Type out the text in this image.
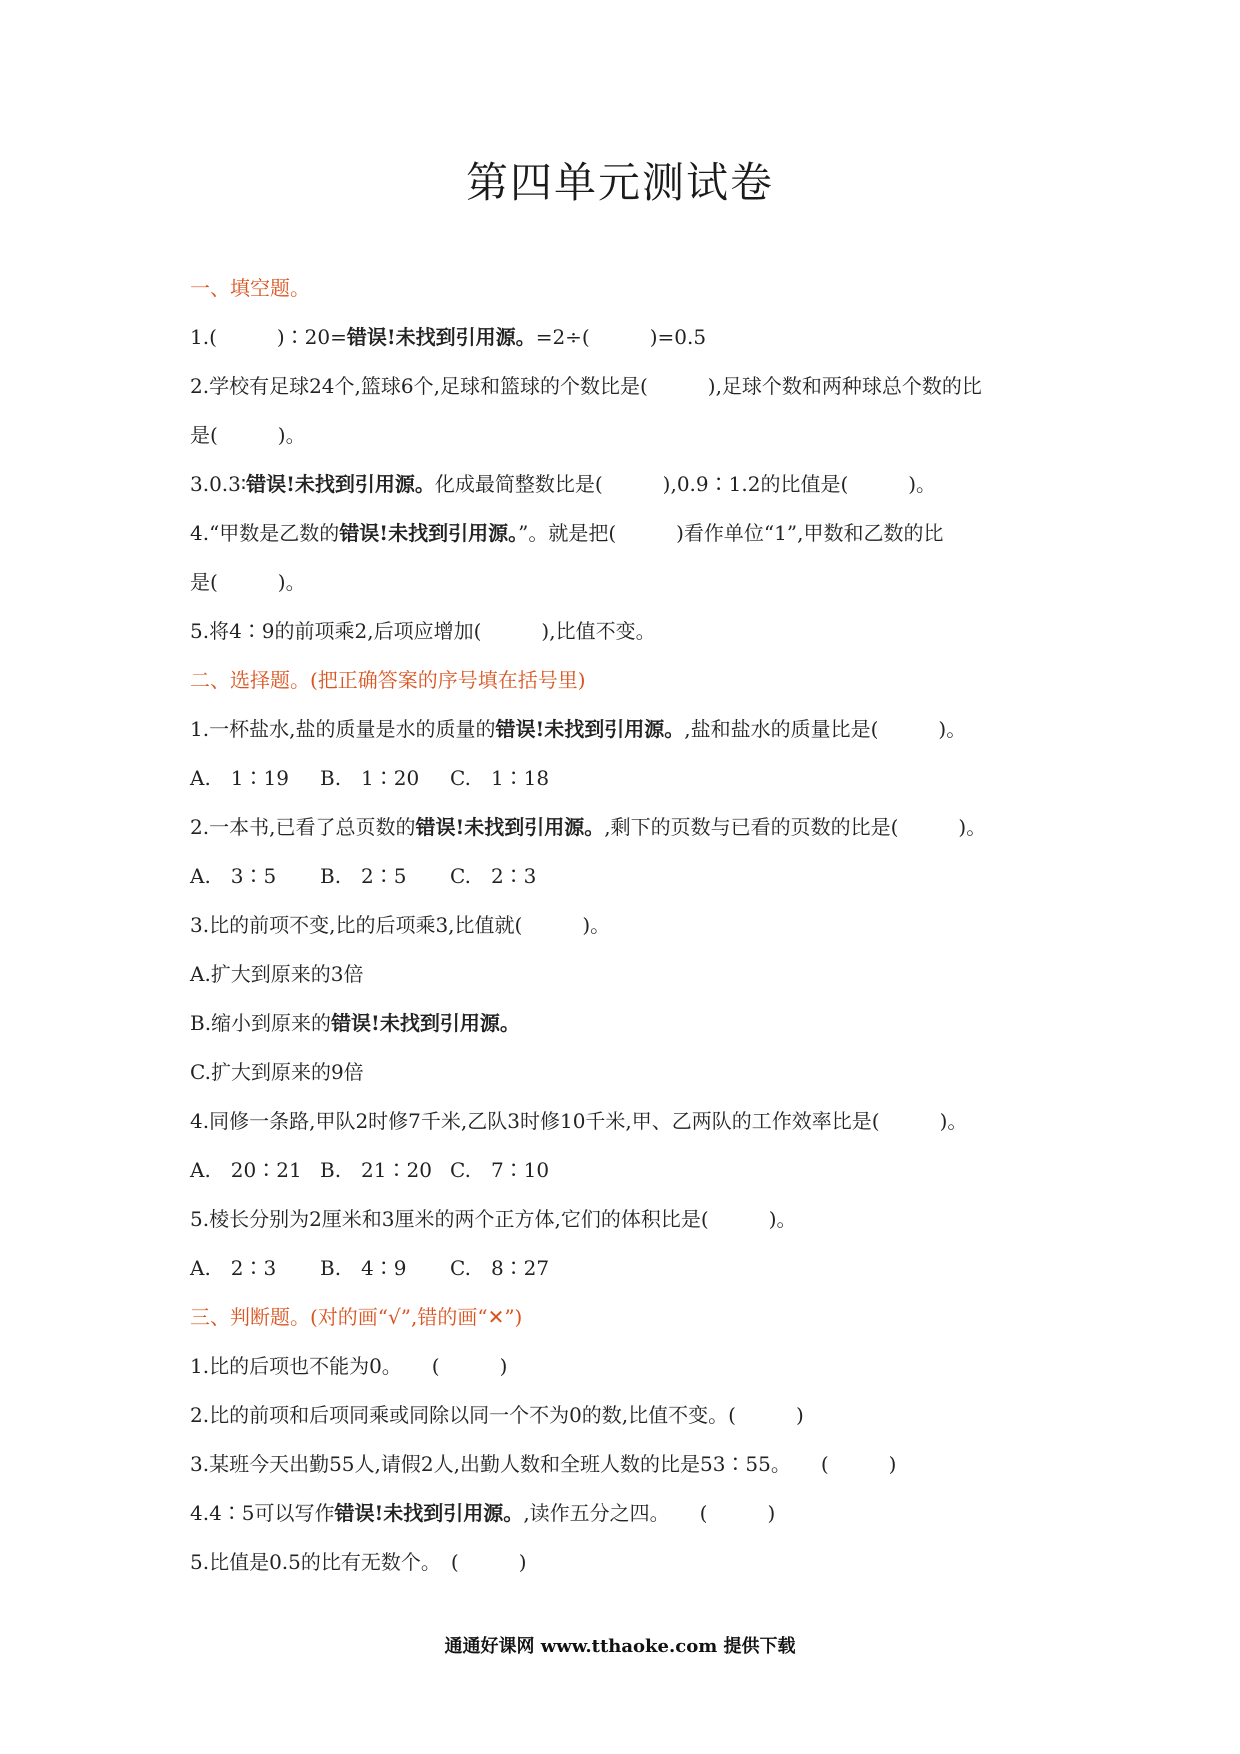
第四单元测试卷
一、填空题。
1.(　　　)∶20=错误!未找到引用源。=2÷(　　　)=0.5
2.学校有足球24个,篮球6个,足球和篮球的个数比是(　　　),足球个数和两种球总个数的比
是(　　　)。
3.0.3∶错误!未找到引用源。化成最简整数比是(　　　),0.9∶1.2的比值是(　　　)。
4.“甲数是乙数的错误!未找到引用源。”。就是把(　　　)看作单位“1”,甲数和乙数的比
是(　　　)。
5.将4∶9的前项乘2,后项应增加(　　　),比值不变。
二、选择题。(把正确答案的序号填在括号里)
1.一杯盐水,盐的质量是水的质量的错误!未找到引用源。,盐和盐水的质量比是(　　　)。
A.　1∶19 B.　1∶20 C.　1∶18
2.一本书,已看了总页数的错误!未找到引用源。,剩下的页数与已看的页数的比是(　　　)。
A.　3∶5 B.　2∶5 C.　2∶3
3.比的前项不变,比的后项乘3,比值就(　　　)。
A.扩大到原来的3倍
B.缩小到原来的错误!未找到引用源。
C.扩大到原来的9倍
4.同修一条路,甲队2时修7千米,乙队3时修10千米,甲、乙两队的工作效率比是(　　　)。
A.　20∶21 B.　21∶20 C.　7∶10
5.棱长分别为2厘米和3厘米的两个正方体,它们的体积比是(　　　)。
A.　2∶3 B.　4∶9 C.　8∶27
三、判断题。(对的画“√”,错的画“✕”)
1.比的后项也不能为0。　　(　　　)
2.比的前项和后项同乘或同除以同一个不为0的数,比值不变。(　　　)
3.某班今天出勤55人,请假2人,出勤人数和全班人数的比是53∶55。　　(　　　)
4.4∶5可以写作错误!未找到引用源。,读作五分之四。　　(　　　)
5.比值是0.5的比有无数个。　(　　　)
通通好课网 www.tthaoke.com 提供下载
